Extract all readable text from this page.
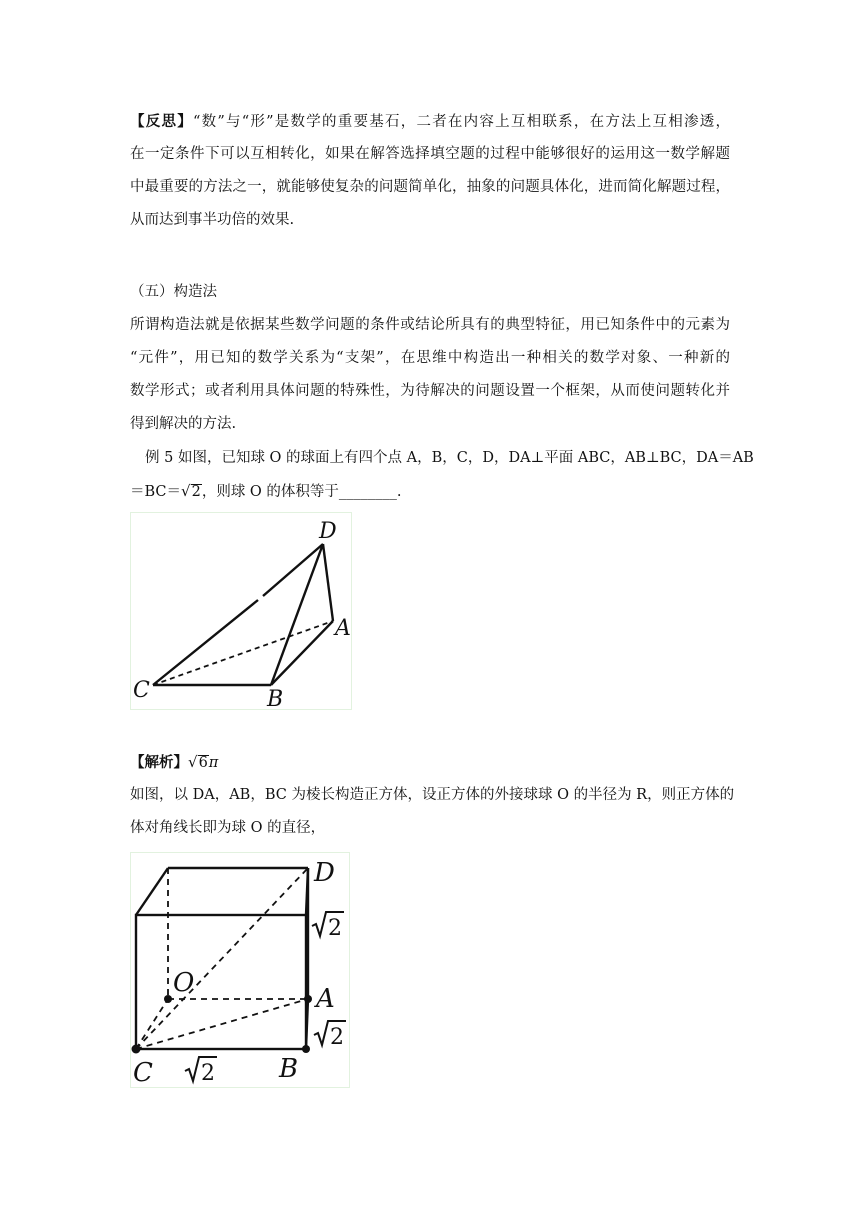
【反思】“数”与“形”是数学的重要基石，二者在内容上互相联系，在方法上互相渗透，
在一定条件下可以互相转化，如果在解答选择填空题的过程中能够很好的运用这一数学解题
中最重要的方法之一，就能够使复杂的问题简单化，抽象的问题具体化，进而简化解题过程，
从而达到事半功倍的效果.
（五）构造法
所谓构造法就是依据某些数学问题的条件或结论所具有的典型特征，用已知条件中的元素为
“元件”，用已知的数学关系为“支架”，在思维中构造出一种相关的数学对象、一种新的
数学形式；或者利用具体问题的特殊性，为待解决的问题设置一个框架，从而使问题转化并
得到解决的方法.
例 5 如图，已知球 O 的球面上有四个点 A，B，C，D，DA⊥平面 ABC，AB⊥BC，DA＝AB
＝BC＝√2，则球 O 的体积等于________.
D
A
C	B
【解析】√6π
如图，以 DA，AB，BC 为棱长构造正方体，设正方体的外接球球 O 的半径为 R，则正方体的
体对角线长即为球 O 的直径，
D
O
A
C	B
2
2
2
